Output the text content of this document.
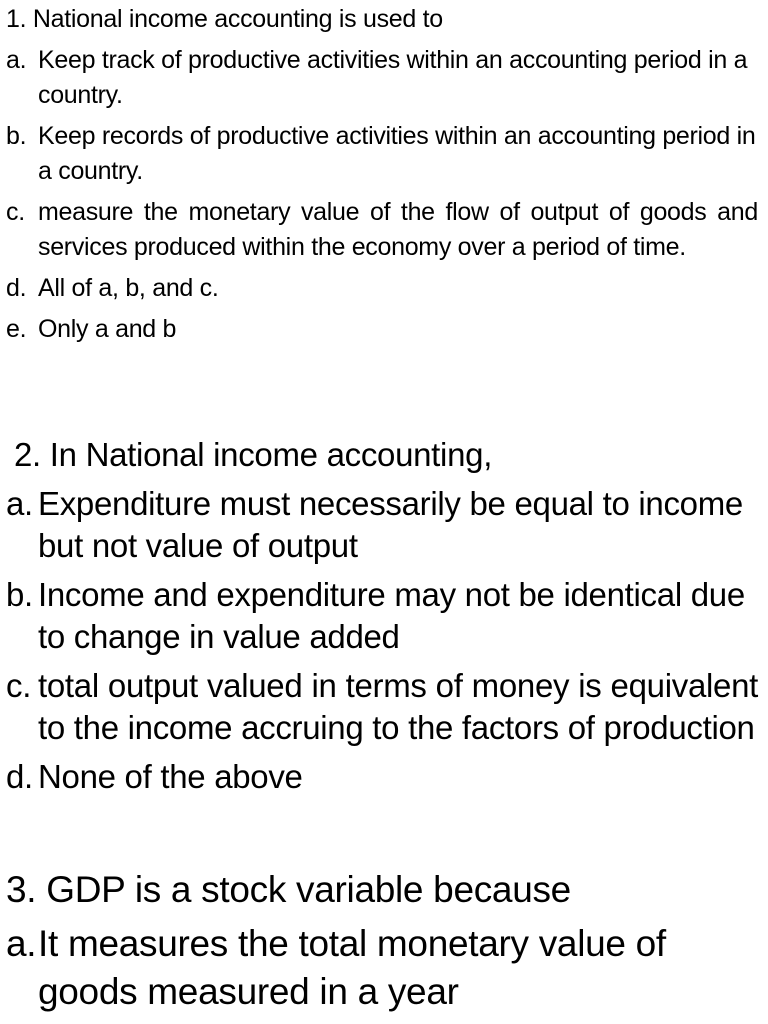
1. National income accounting is used to

a. Keep track of productive activities within an accounting period in a country.

b. Keep records of productive activities within an accounting period in a country.

c. measure the monetary value of the flow of output of goods and services produced within the economy over a period of time.

d. All of a, b, and c.

e. Only a and b

2. In National income accounting,

a. Expenditure must necessarily be equal to income but not value of output

b. Income and expenditure may not be identical due to change in value added

c. total output valued in terms of money is equivalent to the income accruing to the factors of production

d. None of the above

3. GDP is a stock variable because

a. It measures the total monetary value of goods measured in a year
